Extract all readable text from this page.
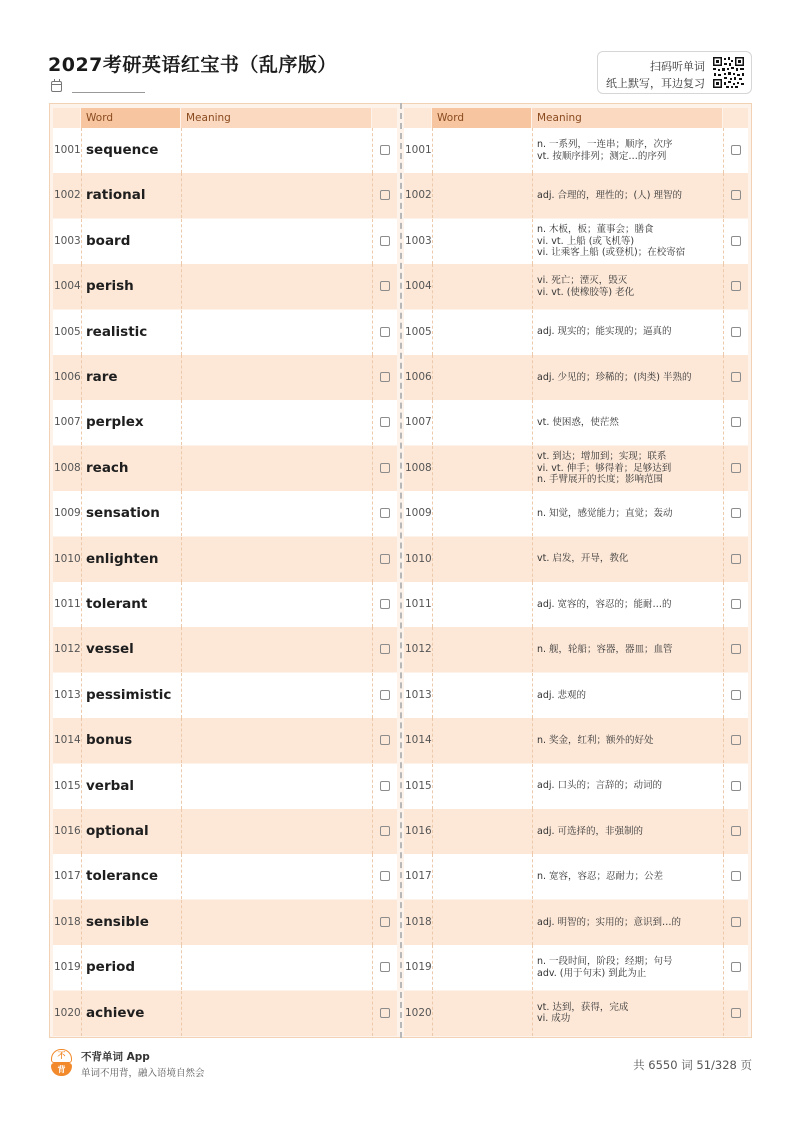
2027考研英语红宝书（乱序版）	扫码听单词
纸上默写，耳边复习
Word	Meaning
1001 sequence
1002 rational
1003 board
1004 perish
1005 realistic
1006 rare
1007 perplex
1008 reach
1009 sensation
1010 enlighten
1011 tolerant
1012 vessel
1013 pessimistic
1014 bonus
1015 verbal
1016 optional
1017 tolerance
1018 sensible
1019 period
1020 achieve
Word	Meaning
1001	n. 一系列，一连串；顺序，次序
vt. 按顺序排列；测定…的序列
1002	adj. 合理的，理性的；(人) 理智的
1003
n. 木板，板；董事会；膳食
vi. vt. 上船 (或飞机等)
vi. 让乘客上船 (或登机)；在校寄宿
1004	vi. 死亡；湮灭，毁灭
vi. vt. (使橡胶等) 老化
1005	adj. 现实的；能实现的；逼真的
1006	adj. 少见的；珍稀的；(肉类) 半熟的
1007	vt. 使困惑，使茫然
1008
vt. 到达；增加到；实现；联系
vi. vt. 伸手；够得着；足够达到
n. 手臂展开的长度；影响范围
1009	n. 知觉，感觉能力；直觉；轰动
1010	vt. 启发，开导，教化
1011	adj. 宽容的，容忍的；能耐…的
1012	n. 舰，轮船；容器，器皿；血管
1013	adj. 悲观的
1014	n. 奖金，红利；额外的好处
1015	adj. 口头的；言辞的；动词的
1016	adj. 可选择的，非强制的
1017	n. 宽容，容忍；忍耐力；公差
1018	adj. 明智的；实用的；意识到…的
1019	n. 一段时间，阶段；经期；句号
adv. (用于句末) 到此为止
1020	vt. 达到，获得，完成
vi. 成功
不
背
不背单词 App
单词不用背，融入语境自然会
共 6550 词 51/328 页
